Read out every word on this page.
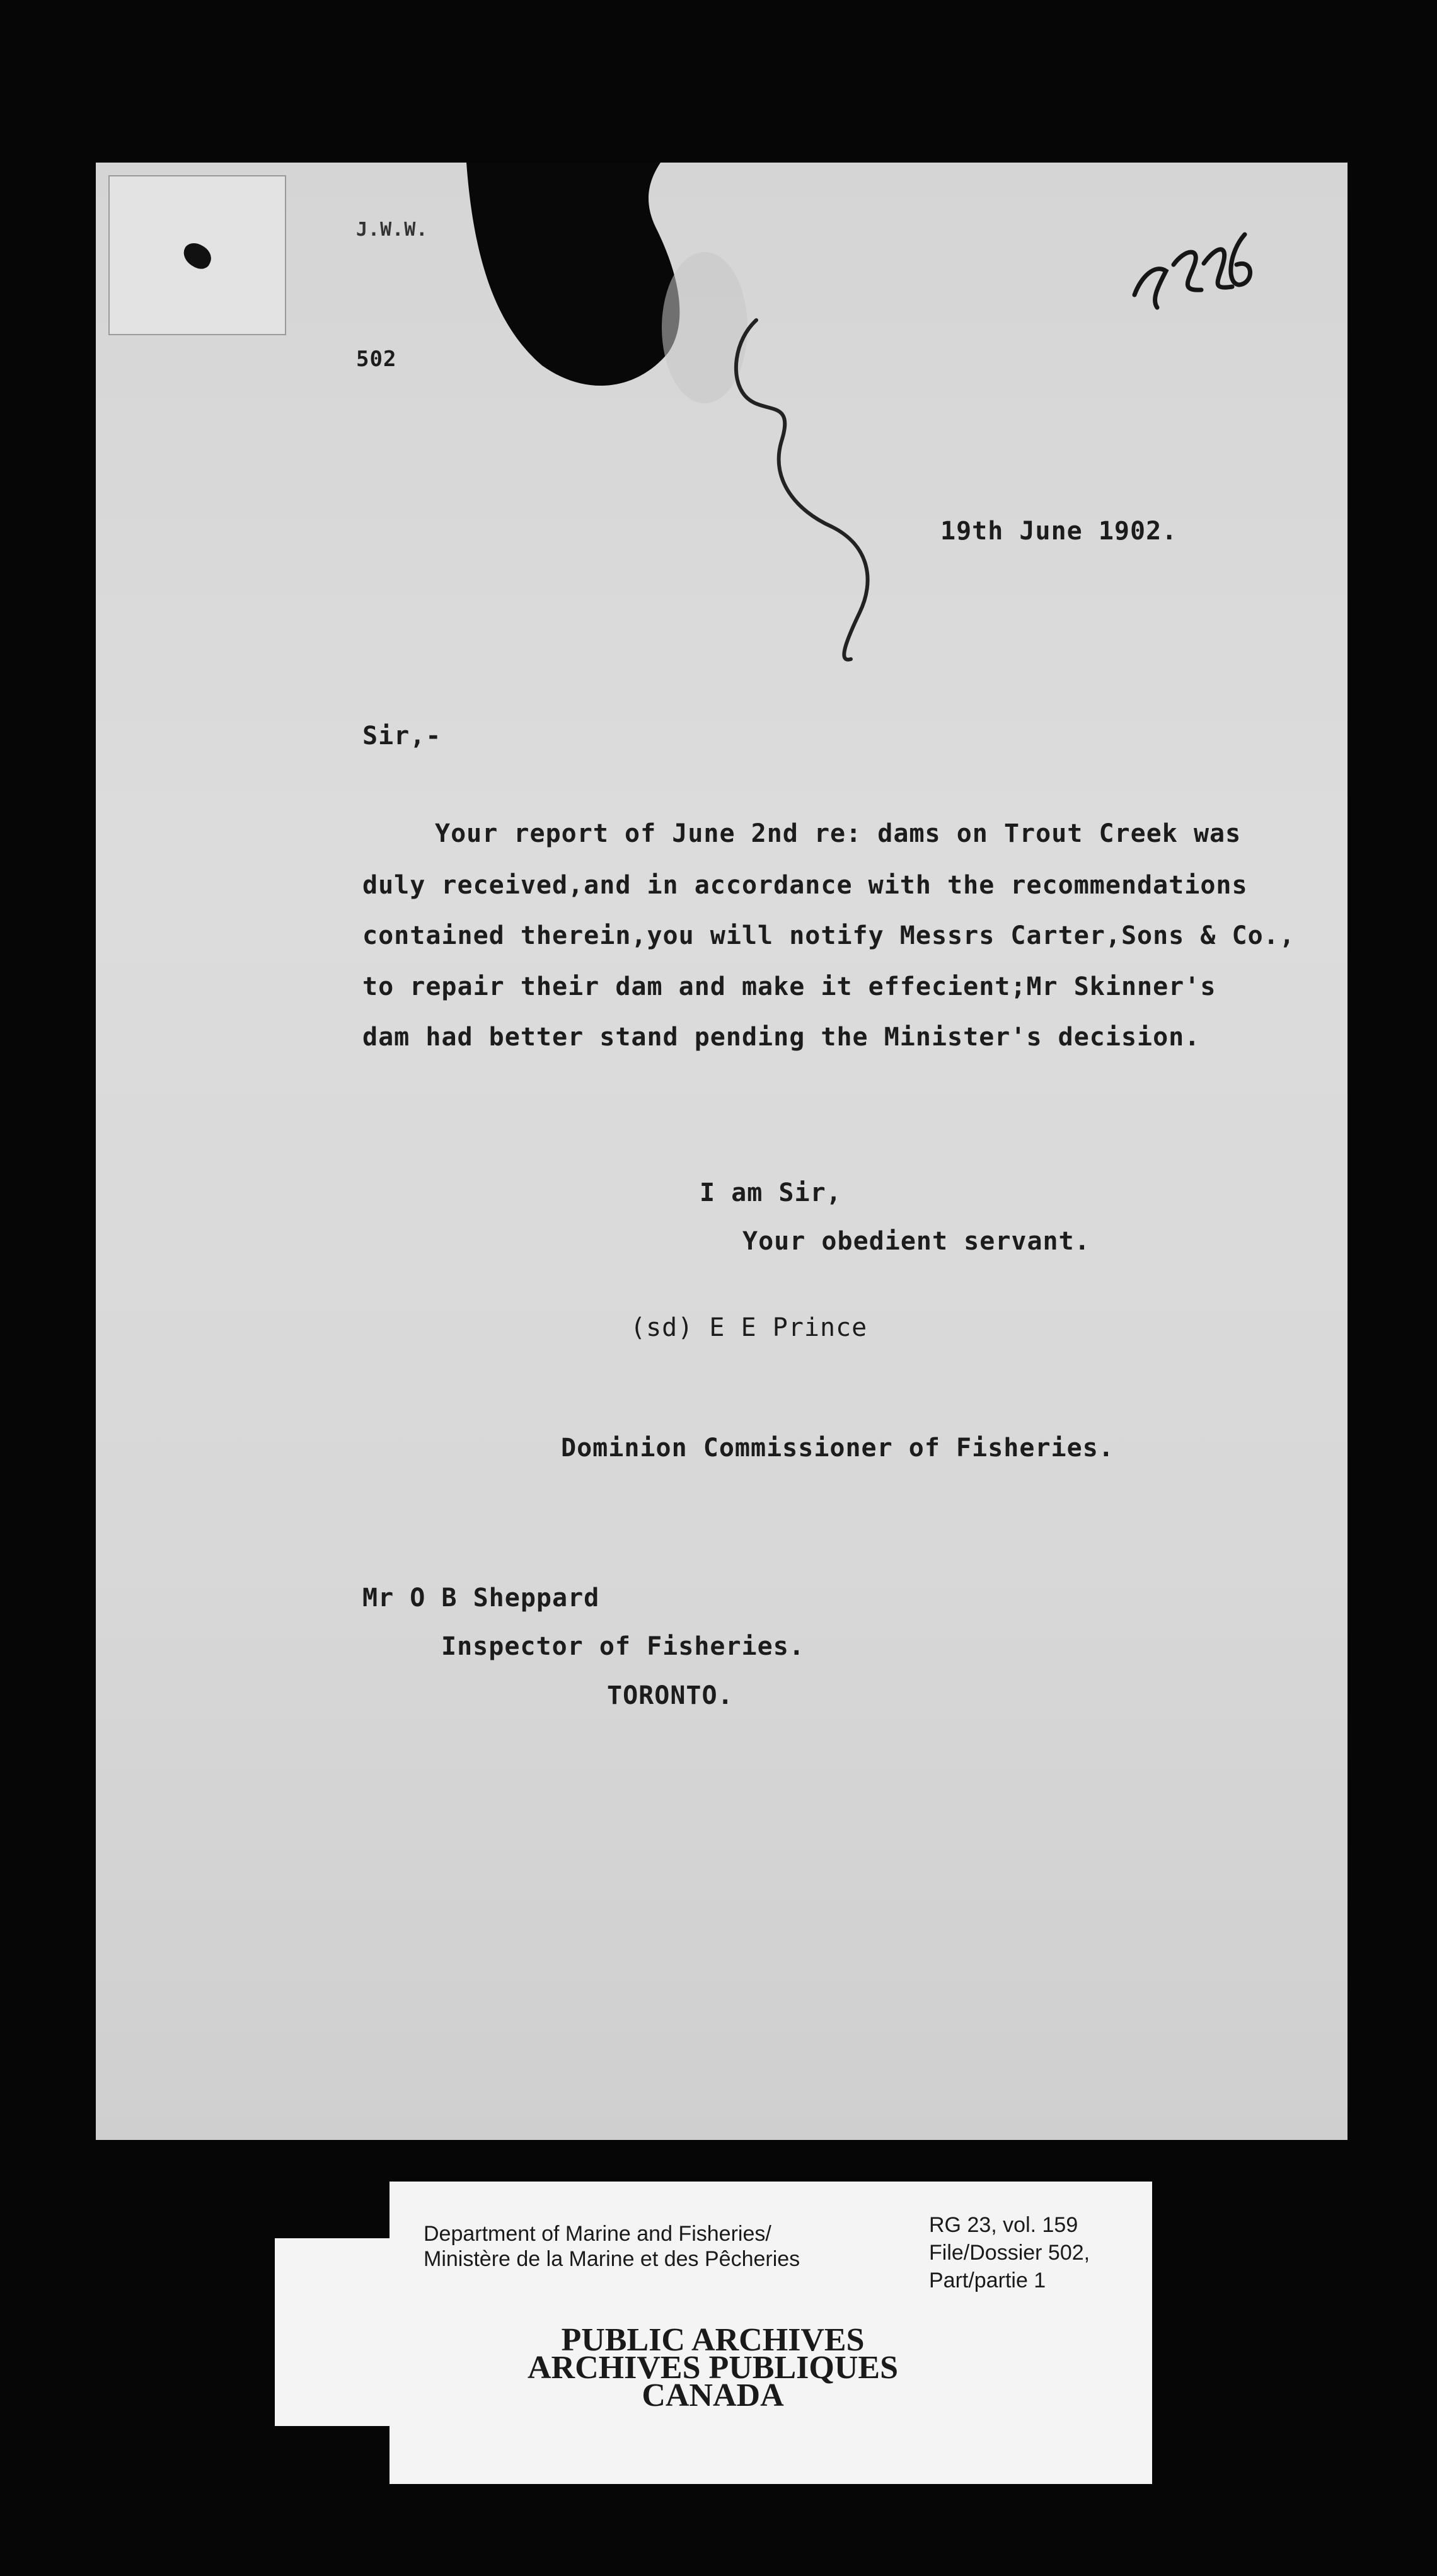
J.W.W.
502
19th June 1902.
Sir,-
Your report of June 2nd re: dams on Trout Creek was
duly received,and in accordance with the recommendations
contained therein,you will notify Messrs Carter,Sons & Co.,
to repair their dam and make it effecient;Mr Skinner's
dam had better stand pending the Minister's decision.
I am Sir,
Your obedient servant.
(sd) E E Prince
Dominion Commissioner of Fisheries.
Mr O B Sheppard
Inspector of Fisheries.
TORONTO.
PUBLIC ARCHIVES
ARCHIVES PUBLIQUES
CANADA
Department of Marine and Fisheries/
Ministère de la Marine et des Pêcheries
RG 23, vol. 159
File/Dossier 502,
Part/partie 1
